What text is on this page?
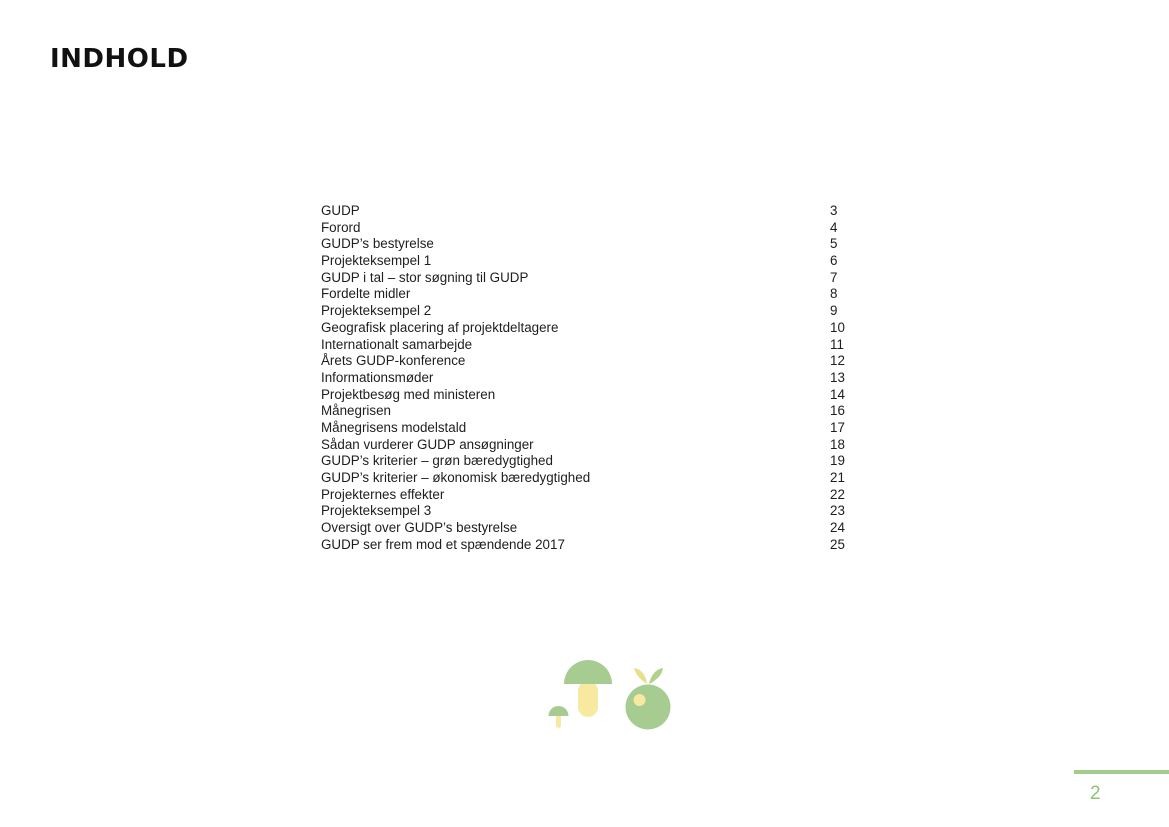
INDHOLD
GUDP	3
Forord	4
GUDP’s bestyrelse	5
Projekteksempel 1	6
GUDP i tal – stor søgning til GUDP	7
Fordelte midler	8
Projekteksempel 2	9
Geografisk placering af projektdeltagere	10
Internationalt samarbejde	11
Årets GUDP-konference	12
Informationsmøder	13
Projektbesøg med ministeren	14
Månegrisen	16
Månegrisens modelstald	17
Sådan vurderer GUDP ansøgninger	18
GUDP’s kriterier – grøn bæredygtighed	19
GUDP’s kriterier – økonomisk bæredygtighed	21
Projekternes effekter	22
Projekteksempel 3	23
Oversigt over GUDP’s bestyrelse	24
GUDP ser frem mod et spændende 2017	25
2
